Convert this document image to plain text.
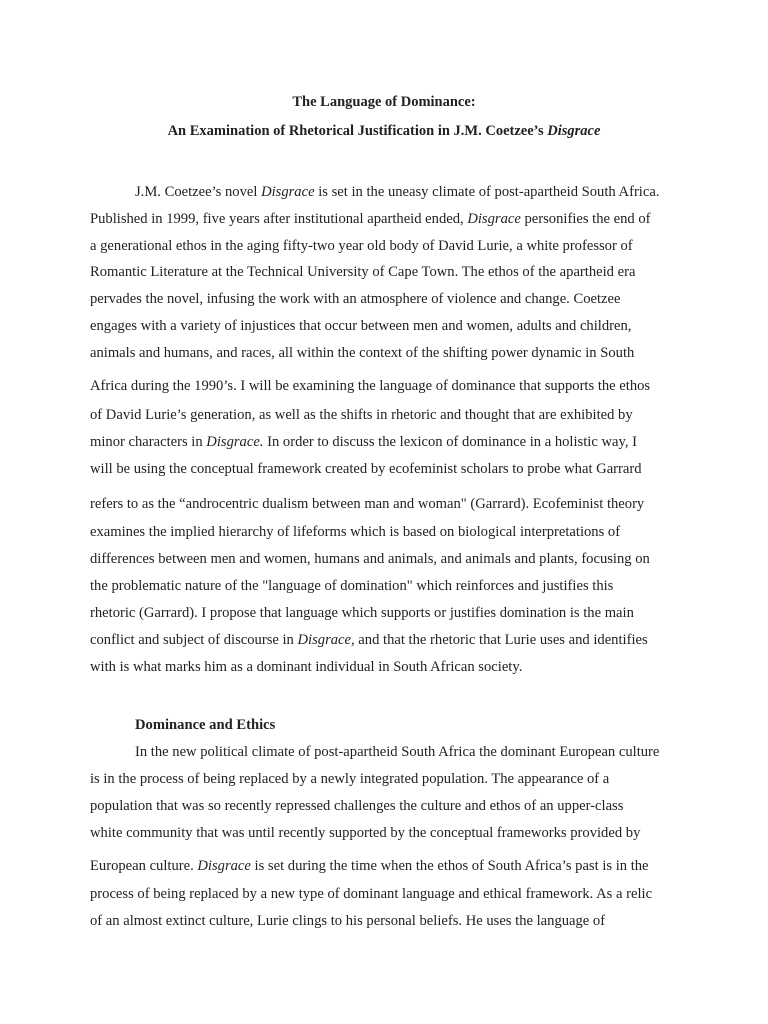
The Language of Dominance:
An Examination of Rhetorical Justification in J.M. Coetzee’s Disgrace
J.M. Coetzee’s novel Disgrace is set in the uneasy climate of post-apartheid South Africa.
Published in 1999, five years after institutional apartheid ended, Disgrace personifies the end of
a generational ethos in the aging fifty-two year old body of David Lurie, a white professor of
Romantic Literature at the Technical University of Cape Town. The ethos of the apartheid era
pervades the novel, infusing the work with an atmosphere of violence and change. Coetzee
engages with a variety of injustices that occur between men and women, adults and children,
animals and humans, and races, all within the context of the shifting power dynamic in South
Africa during the 1990’s. I will be examining the language of dominance that supports the ethos
of David Lurie’s generation, as well as the shifts in rhetoric and thought that are exhibited by
minor characters in Disgrace. In order to discuss the lexicon of dominance in a holistic way, I
will be using the conceptual framework created by ecofeminist scholars to probe what Garrard
refers to as the “androcentric dualism between man and woman" (Garrard). Ecofeminist theory
examines the implied hierarchy of lifeforms which is based on biological interpretations of
differences between men and women, humans and animals, and animals and plants, focusing on
the problematic nature of the "language of domination" which reinforces and justifies this
rhetoric (Garrard). I propose that language which supports or justifies domination is the main
conflict and subject of discourse in Disgrace, and that the rhetoric that Lurie uses and identifies
with is what marks him as a dominant individual in South African society.
Dominance and Ethics
In the new political climate of post-apartheid South Africa the dominant European culture
is in the process of being replaced by a newly integrated population. The appearance of a
population that was so recently repressed challenges the culture and ethos of an upper-class
white community that was until recently supported by the conceptual frameworks provided by
European culture. Disgrace is set during the time when the ethos of South Africa’s past is in the
process of being replaced by a new type of dominant language and ethical framework. As a relic
of an almost extinct culture, Lurie clings to his personal beliefs. He uses the language of
